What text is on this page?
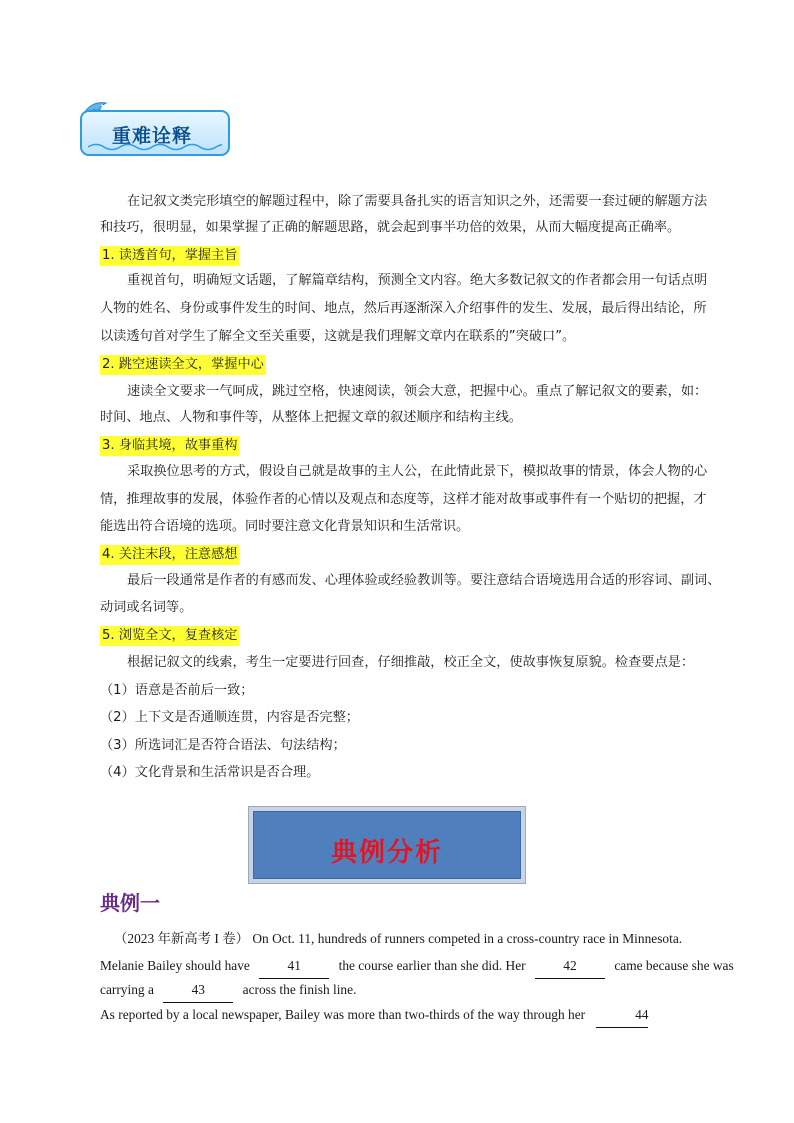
重难诠释
在记叙文类完形填空的解题过程中，除了需要具备扎实的语言知识之外，还需要一套过硬的解题方法
和技巧，很明显，如果掌握了正确的解题思路，就会起到事半功倍的效果，从而大幅度提高正确率。
1. 读透首句，掌握主旨
重视首句，明确短文话题，了解篇章结构，预测全文内容。绝大多数记叙文的作者都会用一句话点明
人物的姓名、身份或事件发生的时间、地点，然后再逐渐深入介绍事件的发生、发展，最后得出结论，所
以读透句首对学生了解全文至关重要，这就是我们理解文章内在联系的”突破口”。
2. 跳空速读全文，掌握中心
速读全文要求一气呵成，跳过空格，快速阅读，领会大意，把握中心。重点了解记叙文的要素，如：
时间、地点、人物和事件等，从整体上把握文章的叙述顺序和结构主线。
3. 身临其境，故事重构
采取换位思考的方式，假设自己就是故事的主人公，在此情此景下，模拟故事的情景，体会人物的心
情，推理故事的发展，体验作者的心情以及观点和态度等，这样才能对故事或事件有一个贴切的把握，才
能选出符合语境的选项。同时要注意文化背景知识和生活常识。
4. 关注末段，注意感想
最后一段通常是作者的有感而发、心理体验或经验教训等。要注意结合语境选用合适的形容词、副词、
动词或名词等。
5. 浏览全文，复查核定
根据记叙文的线索，考生一定要进行回查，仔细推敲，校正全文，使故事恢复原貌。检查要点是：
（1）语意是否前后一致；
（2）上下文是否通顺连贯，内容是否完整；
（3）所选词汇是否符合语法、句法结构；
（4）文化背景和生活常识是否合理。
典例分析
典例一
（2023 年新高考 I 卷） On Oct. 11, hundreds of runners competed in a cross-country race in Minnesota.
Melanie Bailey should have	41	the course earlier than she did. Her	42	came because she was
carrying a	43	across the finish line.
As reported by a local newspaper, Bailey was more than two-thirds of the way through her	44
